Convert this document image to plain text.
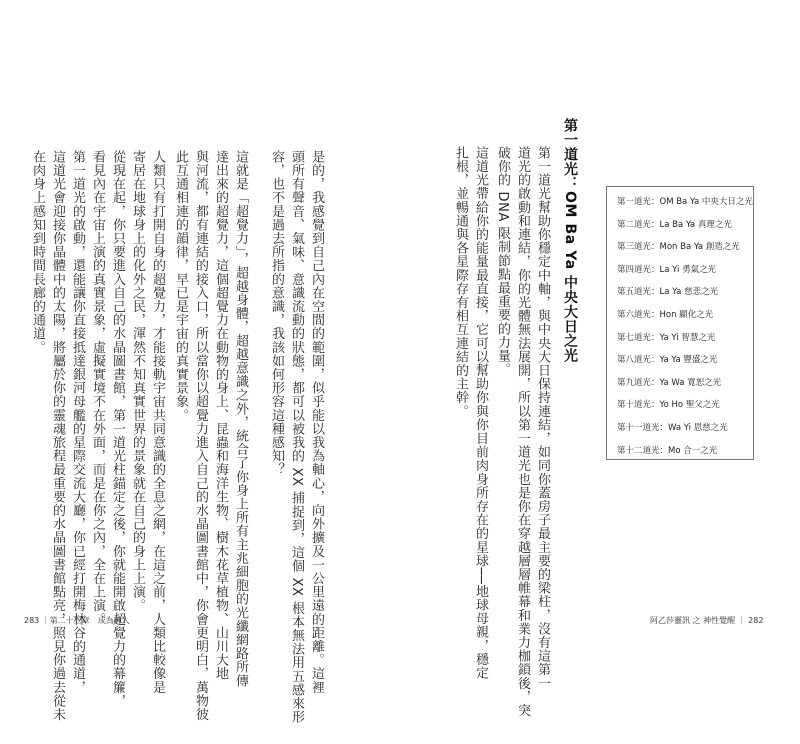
是的，我感覺到自己內在空間的範圍，似乎能以我為軸心，向外擴及一公里遠的距離。這裡
頭所有聲音、氣味、意識流動的狀態，都可以被我的 XX 捕捉到，這個 XX 根本無法用五感來形
容，也不是過去所指的意識，我該如何形容這種感知？
這就是「超覺力」，超越身體，超越意識之外，統合了你身上所有主兆細胞的光纖網路所傳
達出來的超覺力，這個超覺力在動物的身上、昆蟲和海洋生物、樹木花草植物、山川大地
與河流，都有連結的接入口，所以當你以超覺力進入自己的水晶圖書館中，你會更明白，萬物彼
此互通相連的韻律，早已是宇宙的真實景象。
人類只有打開自身的超覺力，才能接軌宇宙共同意識的全息之網，在這之前，人類比較像是
寄居在地球身上的化外之民，渾然不知真實世界的景象就在自己的身上上演。
從現在起，你只要進入自己的水晶圖書館，第一道光柱錨定之後，你就能開啟超覺力的幕簾，
看見內在宇宙上演的真實景象，虛擬實境不在外面，而是在你之內，全在上演。
第一道光的啟動，還能讓你直接抵達銀河母艦的星際交流大廳，你已經打開梅林谷的通道，
這道光會迎接你晶體中的太陽，將屬於你的靈魂旅程最重要的水晶圖書館點亮，照見你過去從未
在肉身上感知到時間長廊的通道。
283 ｜第二十三章　成為神人
第一道光：OM Ba Ya 中央大日之光
第一道光幫助你穩定中軸，與中央大日保持連結，如同你蓋房子最主要的梁柱，沒有這第一
道光的啟動和連結，你的光體無法展開，所以第一道光也是你在穿越層層帷幕和業力枷鎖後，突
破你的 DNA 限制節點最重要的力量。
這道光帶給你的能量最直接，它可以幫助你與你目前肉身所存在的星球──地球母親，穩定
扎根，並暢通與各星際存有相互連結的主幹。
阿乙莎靈訊 之 神性覺醒 ｜ 282
第一道光：OM Ba Ya 中央大日之光
第二道光：La Ba Ya 真理之光
第三道光：Mon Ba Ya 創造之光
第四道光：La Yi 勇氣之光
第五道光：La Ya 慈悲之光
第六道光：Hon 顯化之光
第七道光：Ya Yi 智慧之光
第八道光：Ya Ya 豐盛之光
第九道光：Ya Wa 寬恕之光
第十道光：Yo Ho 聖父之光
第十一道光：Wa Yi 恩慈之光
第十二道光：Mo 合一之光
